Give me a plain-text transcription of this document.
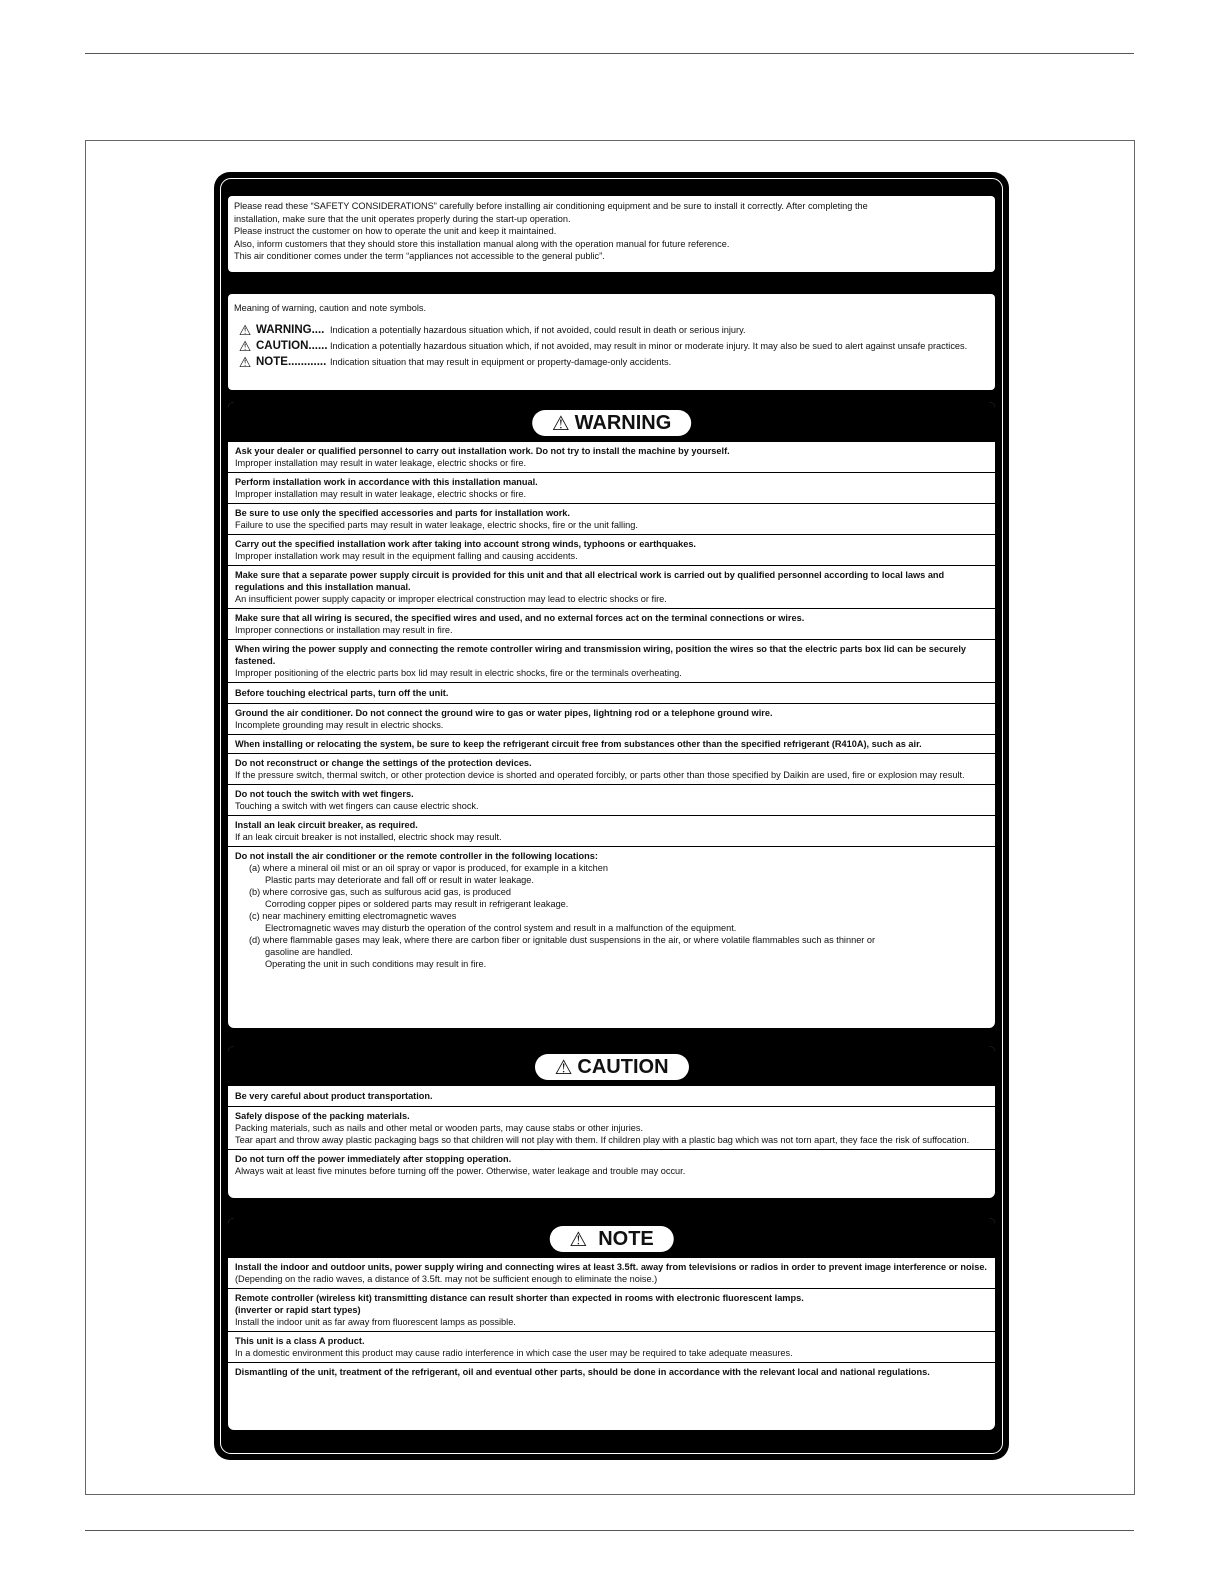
Please read these “SAFETY CONSIDERATIONS” carefully before installing air conditioning equipment and be sure to install it correctly. After completing the

installation, make sure that the unit operates properly during the start-up operation.

Please instruct the customer on how to operate the unit and keep it maintained.

Also, inform customers that they should store this installation manual along with the operation manual for future reference.

This air conditioner comes under the term “appliances not accessible to the general public”.

Meaning of warning, caution and note symbols.
⚠ WARNING.... Indication a potentially hazardous situation which, if not avoided, could result in death or serious injury.
⚠ CAUTION...... Indication a potentially hazardous situation which, if not avoided, may result in minor or moderate injury. It may also be sued to alert against unsafe practices.
⚠ NOTE............ Indication situation that may result in equipment or property-damage-only accidents.
⚠ WARNING

Ask your dealer or qualified personnel to carry out installation work. Do not try to install the machine by yourself.

Improper installation may result in water leakage, electric shocks or fire.

Perform installation work in accordance with this installation manual.

Improper installation may result in water leakage, electric shocks or fire.

Be sure to use only the specified accessories and parts for installation work.

Failure to use the specified parts may result in water leakage, electric shocks, fire or the unit falling.

Carry out the specified installation work after taking into account strong winds, typhoons or earthquakes.

Improper installation work may result in the equipment falling and causing accidents.

Make sure that a separate power supply circuit is provided for this unit and that all electrical work is carried out by qualified personnel according to local laws and regulations and this installation manual.

An insufficient power supply capacity or improper electrical construction may lead to electric shocks or fire.

Make sure that all wiring is secured, the specified wires and used, and no external forces act on the terminal connections or wires.

Improper connections or installation may result in fire.

When wiring the power supply and connecting the remote controller wiring and transmission wiring, position the wires so that the electric parts box lid can be securely fastened.

Improper positioning of the electric parts box lid may result in electric shocks, fire or the terminals overheating.

Before touching electrical parts, turn off the unit.

Ground the air conditioner. Do not connect the ground wire to gas or water pipes, lightning rod or a telephone ground wire.

Incomplete grounding may result in electric shocks.

When installing or relocating the system, be sure to keep the refrigerant circuit free from substances other than the specified refrigerant (R410A), such as air.

Do not reconstruct or change the settings of the protection devices.

If the pressure switch, thermal switch, or other protection device is shorted and operated forcibly, or parts other than those specified by Daikin are used, fire or explosion may result.

Do not touch the switch with wet fingers.

Touching a switch with wet fingers can cause electric shock.

Install an leak circuit breaker, as required.

If an leak circuit breaker is not installed, electric shock may result.

Do not install the air conditioner or the remote controller in the following locations:

(a) where a mineral oil mist or an oil spray or vapor is produced, for example in a kitchen

Plastic parts may deteriorate and fall off or result in water leakage.

(b) where corrosive gas, such as sulfurous acid gas, is produced

Corroding copper pipes or soldered parts may result in refrigerant leakage.

(c) near machinery emitting electromagnetic waves

Electromagnetic waves may disturb the operation of the control system and result in a malfunction of the equipment.

(d) where flammable gases may leak, where there are carbon fiber or ignitable dust suspensions in the air, or where volatile flammables such as thinner or

gasoline are handled.

Operating the unit in such conditions may result in fire.

⚠ CAUTION

Be very careful about product transportation.

Safely dispose of the packing materials.

Packing materials, such as nails and other metal or wooden parts, may cause stabs or other injuries.

Tear apart and throw away plastic packaging bags so that children will not play with them. If children play with a plastic bag which was not torn apart, they face the risk of suffocation.

Do not turn off the power immediately after stopping operation.

Always wait at least five minutes before turning off the power. Otherwise, water leakage and trouble may occur.

⚠ NOTE

Install the indoor and outdoor units, power supply wiring and connecting wires at least 3.5ft. away from televisions or radios in order to prevent image interference or noise.

(Depending on the radio waves, a distance of 3.5ft. may not be sufficient enough to eliminate the noise.)

Remote controller (wireless kit) transmitting distance can result shorter than expected in rooms with electronic fluorescent lamps.

(inverter or rapid start types)

Install the indoor unit as far away from fluorescent lamps as possible.

This unit is a class A product.

In a domestic environment this product may cause radio interference in which case the user may be required to take adequate measures.

Dismantling of the unit, treatment of the refrigerant, oil and eventual other parts, should be done in accordance with the relevant local and national regulations.
